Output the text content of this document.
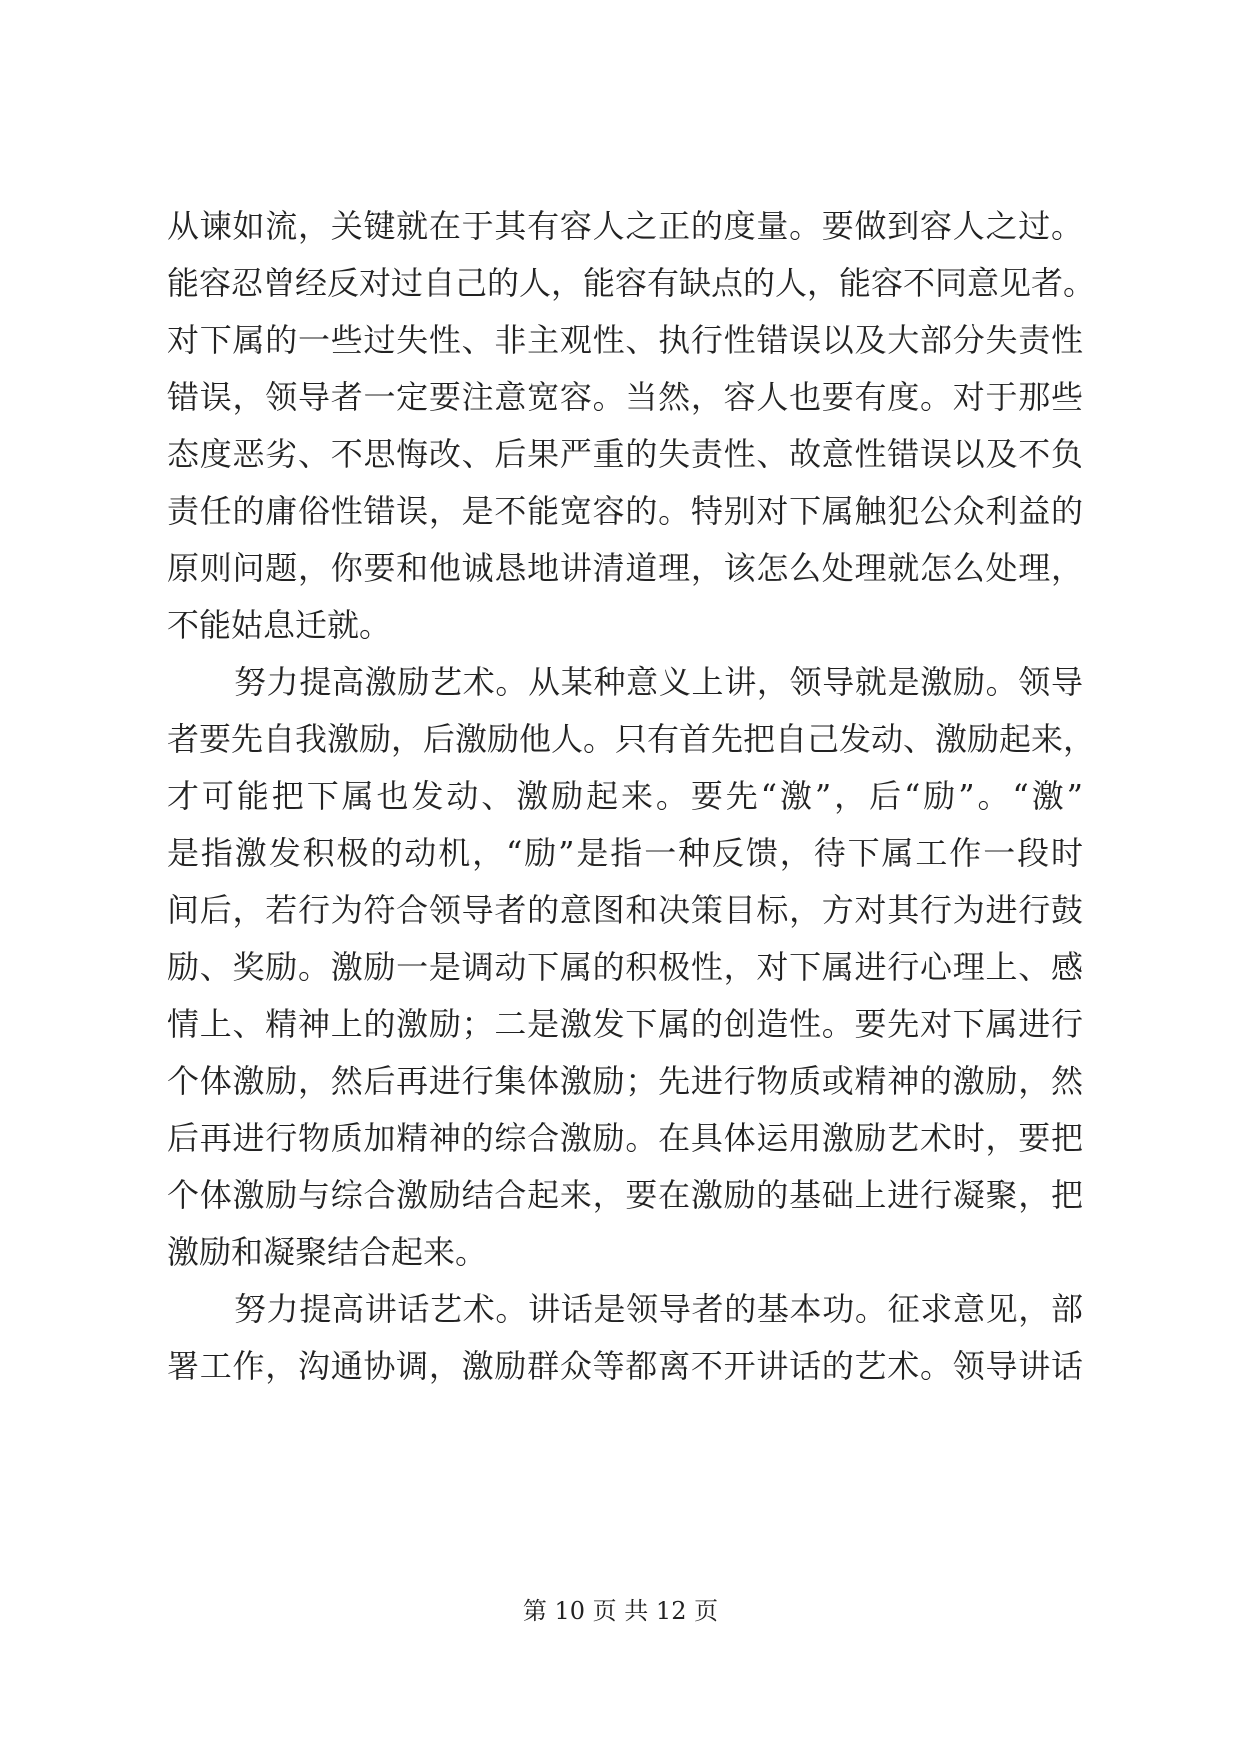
从谏如流，关键就在于其有容人之正的度量。要做到容人之过。
能容忍曾经反对过自己的人，能容有缺点的人，能容不同意见者。
对下属的一些过失性、非主观性、执行性错误以及大部分失责性
错误，领导者一定要注意宽容。当然，容人也要有度。对于那些
态度恶劣、不思悔改、后果严重的失责性、故意性错误以及不负
责任的庸俗性错误，是不能宽容的。特别对下属触犯公众利益的
原则问题，你要和他诚恳地讲清道理，该怎么处理就怎么处理，
不能姑息迁就。
努力提高激励艺术。从某种意义上讲，领导就是激励。领导
者要先自我激励，后激励他人。只有首先把自己发动、激励起来，
才可能把下属也发动、激励起来。要先“激”，后“励”。“激”
是指激发积极的动机，“励”是指一种反馈，待下属工作一段时
间后，若行为符合领导者的意图和决策目标，方对其行为进行鼓
励、奖励。激励一是调动下属的积极性，对下属进行心理上、感
情上、精神上的激励；二是激发下属的创造性。要先对下属进行
个体激励，然后再进行集体激励；先进行物质或精神的激励，然
后再进行物质加精神的综合激励。在具体运用激励艺术时，要把
个体激励与综合激励结合起来，要在激励的基础上进行凝聚，把
激励和凝聚结合起来。
努力提高讲话艺术。讲话是领导者的基本功。征求意见，部
署工作，沟通协调，激励群众等都离不开讲话的艺术。领导讲话
第 10 页 共 12 页
